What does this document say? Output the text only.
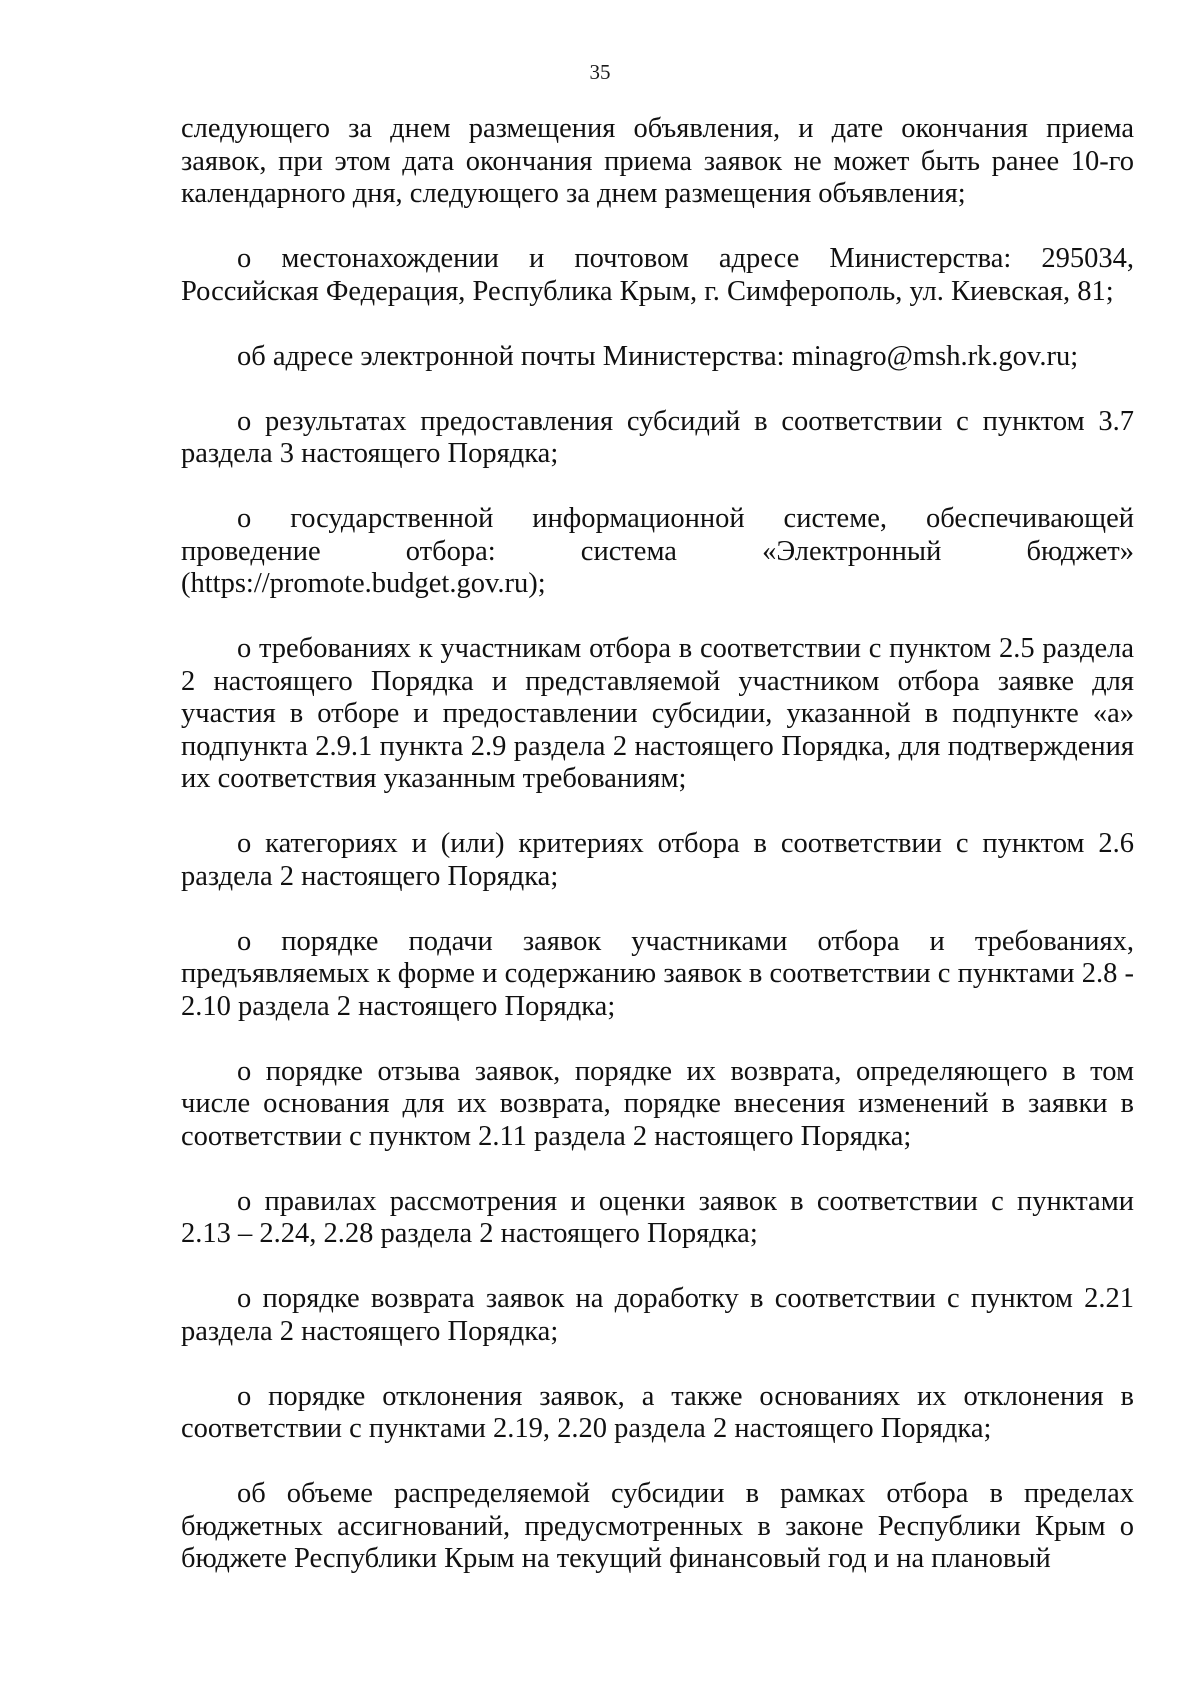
35

следующего за днем размещения объявления, и дате окончания приема заявок, при этом дата окончания приема заявок не может быть ранее 10-го календарного дня, следующего за днем размещения объявления;

о местонахождении и почтовом адресе Министерства: 295034, Российская Федерация, Республика Крым, г. Симферополь, ул. Киевская, 81;

об адресе электронной почты Министерства: minagro@msh.rk.gov.ru;

о результатах предоставления субсидий в соответствии с пунктом 3.7 раздела 3 настоящего Порядка;

о государственной информационной системе, обеспечивающей проведение отбора: система «Электронный бюджет» (https://promote.budget.gov.ru);

о требованиях к участникам отбора в соответствии с пунктом 2.5 раздела 2 настоящего Порядка и представляемой участником отбора заявке для участия в отборе и предоставлении субсидии, указанной в подпункте «а» подпункта 2.9.1 пункта 2.9 раздела 2 настоящего Порядка, для подтверждения их соответствия указанным требованиям;

о категориях и (или) критериях отбора в соответствии с пунктом 2.6 раздела 2 настоящего Порядка;

о порядке подачи заявок участниками отбора и требованиях, предъявляемых к форме и содержанию заявок в соответствии с пунктами 2.8 - 2.10 раздела 2 настоящего Порядка;

о порядке отзыва заявок, порядке их возврата, определяющего в том числе основания для их возврата, порядке внесения изменений в заявки в соответствии с пунктом 2.11 раздела 2 настоящего Порядка;

о правилах рассмотрения и оценки заявок в соответствии с пунктами 2.13 – 2.24, 2.28 раздела 2 настоящего Порядка;

о порядке возврата заявок на доработку в соответствии с пунктом 2.21 раздела 2 настоящего Порядка;

о порядке отклонения заявок, а также основаниях их отклонения в соответствии с пунктами 2.19, 2.20 раздела 2 настоящего Порядка;

об объеме распределяемой субсидии в рамках отбора в пределах бюджетных ассигнований, предусмотренных в законе Республики Крым о бюджете Республики Крым на текущий финансовый год и на плановый
